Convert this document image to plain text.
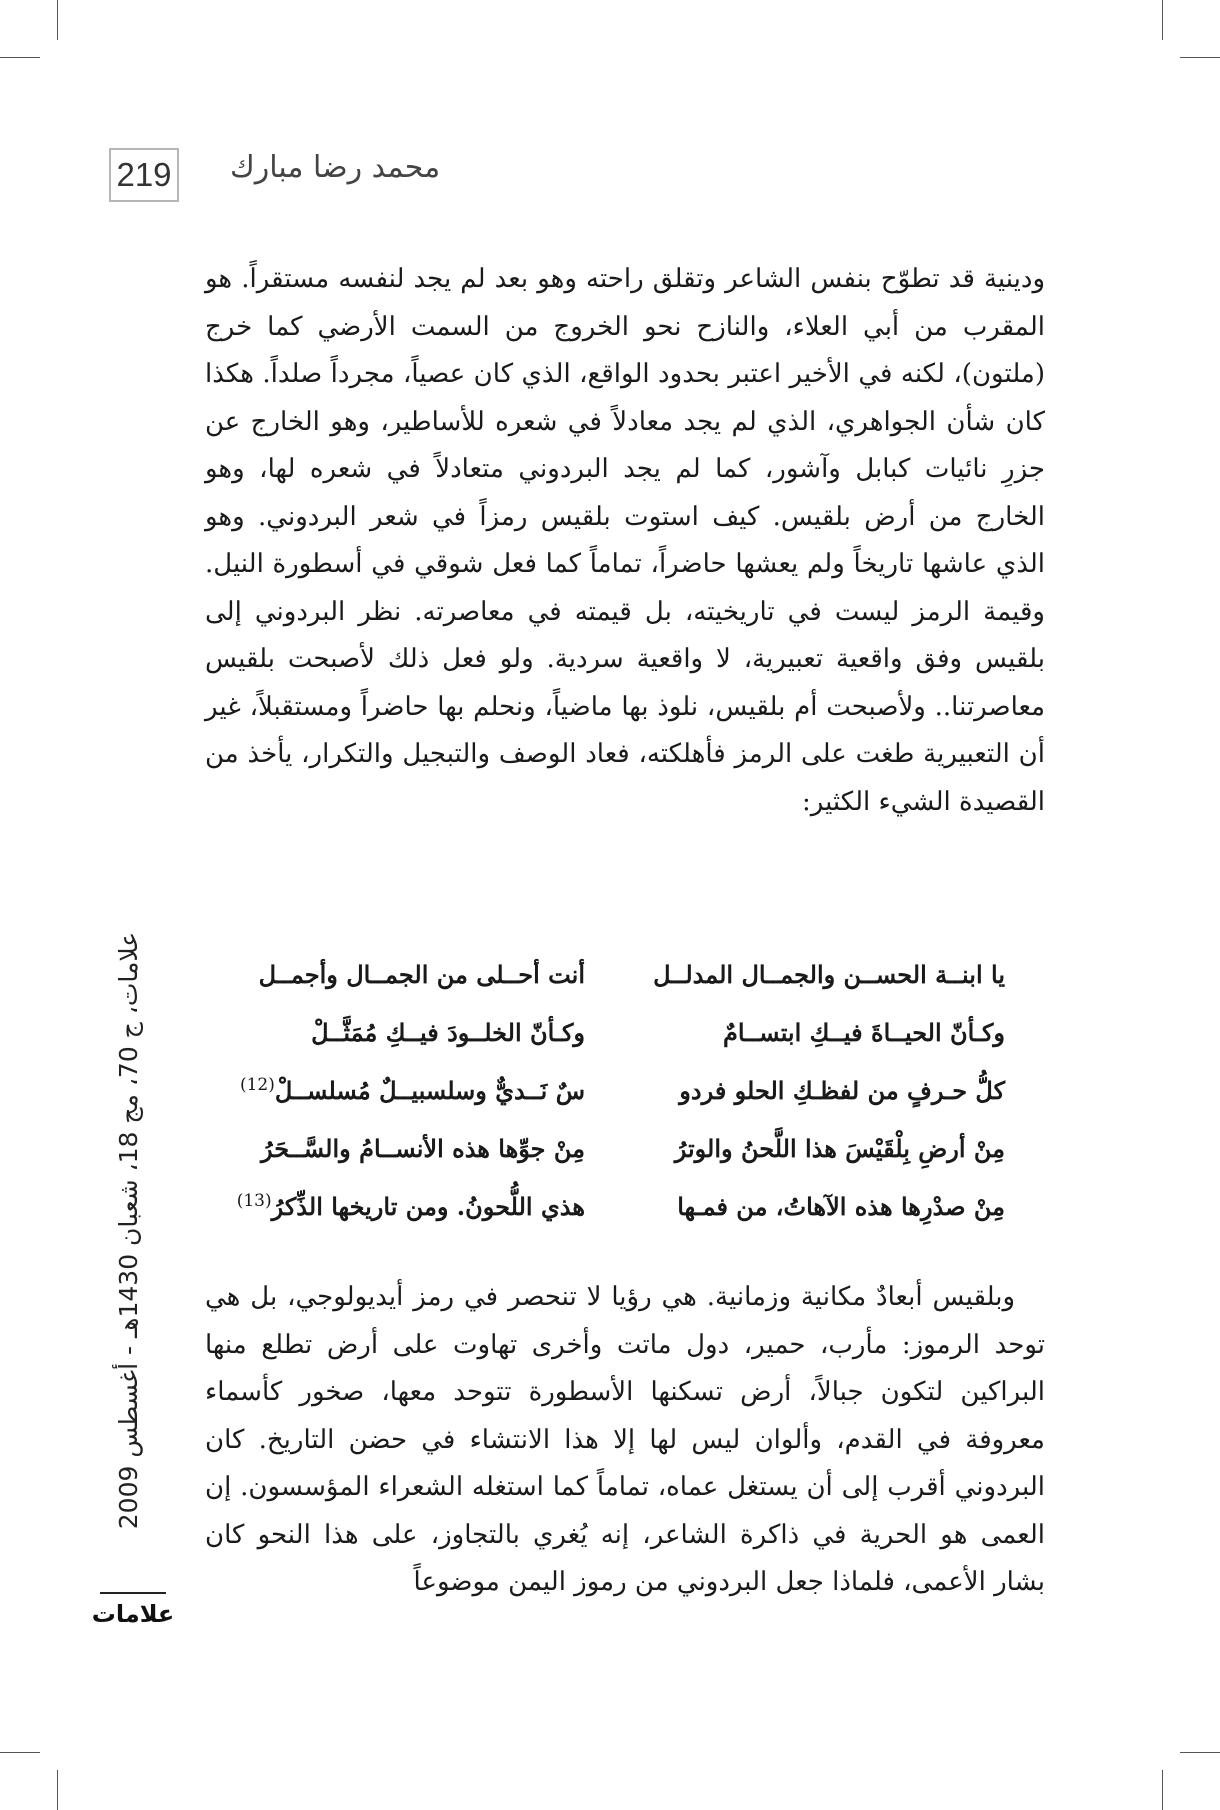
219 محمد رضا مبارك

ودينية قد تطوّح بنفس الشاعر وتقلق راحته وهو بعد لم يجد لنفسه مستقراً. هو المقرب من أبي العلاء، والنازح نحو الخروج من السمت الأرضي كما خرج (ملتون)، لكنه في الأخير اعتبر بحدود الواقع، الذي كان عصياً، مجرداً صلداً. هكذا كان شأن الجواهري، الذي لم يجد معادلاً في شعره للأساطير، وهو الخارج عن جزرِ نائيات كبابل وآشور، كما لم يجد البردوني متعادلاً في شعره لها، وهو الخارج من أرض بلقيس. كيف استوت بلقيس رمزاً في شعر البردوني. وهو الذي عاشها تاريخاً ولم يعشها حاضراً، تماماً كما فعل شوقي في أسطورة النيل. وقيمة الرمز ليست في تاريخيته، بل قيمته في معاصرته. نظر البردوني إلى بلقيس وفق واقعية تعبيرية، لا واقعية سردية. ولو فعل ذلك لأصبحت بلقيس معاصرتنا.. ولأصبحت أم بلقيس، نلوذ بها ماضياً، ونحلم بها حاضراً ومستقبلاً، غير أن التعبيرية طغت على الرمز فأهلكته، فعاد الوصف والتبجيل والتكرار، يأخذ من القصيدة الشيء الكثير:

يا ابنــة الحســن والجمــال المدلــل
أنت أحــلى من الجمــال وأجمــل
وكـأنّ الحيــاةَ فيــكِ ابتســامٌ
وكـأنّ الخلــودَ فيــكِ مُمَثَّــلْ
كلُّ حـرفٍ من لفظـكِ الحلو فردو
سٌ نَــديٌّ وسلسبيــلٌ مُسلســلْ$^{(12)}$
مِنْ أرضِ بِلْقَيْسَ هذا اللَّحنُ والوترُ
مِنْ جوِّها هذه الأنســامُ والسَّــحَرُ
مِنْ صدْرِها هذه الآهاتُ، من فمـها
هذي اللُّحونُ. ومن تاريخها الذِّكرُ$^{(13)}$

وبلقيس أبعادٌ مكانية وزمانية. هي رؤيا لا تنحصر في رمز أيديولوجي، بل هي توحد الرموز: مأرب، حمير، دول ماتت وأخرى تهاوت على أرض تطلع منها البراكين لتكون جبالاً، أرض تسكنها الأسطورة تتوحد معها، صخور كأسماء معروفة في القدم، وألوان ليس لها إلا هذا الانتشاء في حضن التاريخ. كان البردوني أقرب إلى أن يستغل عماه، تماماً كما استغله الشعراء المؤسسون. إن العمى هو الحرية في ذاكرة الشاعر، إنه يُغري بالتجاوز، على هذا النحو كان بشار الأعمى، فلماذا جعل البردوني من رموز اليمن موضوعاً

علامات، ج 70، مج 18، شعبان 1430هـ - أغسطس 2009
علامات
